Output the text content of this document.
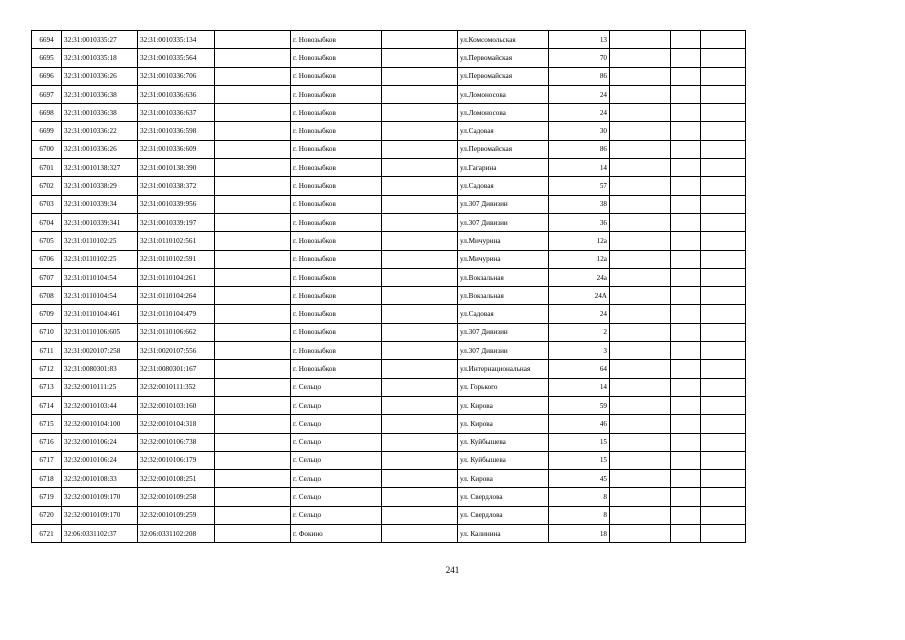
6694	32:31:0010335:27	32:31:0010335:134		г. Новозыбков		ул.Комсомольская	13			
6695	32:31:0010335:18	32:31:0010335:564		г. Новозыбков		ул.Первомайская	70			
6696	32:31:0010336:26	32:31:0010336:706		г. Новозыбков		ул.Первомайская	86			
6697	32:31:0010336:38	32:31:0010336:636		г. Новозыбков		ул.Ломоносова	24			
6698	32:31:0010336:38	32:31:0010336:637		г. Новозыбков		ул.Ломоносова	24			
6699	32:31:0010336:22	32:31:0010336:598		г. Новозыбков		ул.Садовая	30			
6700	32:31:0010336:26	32:31:0010336:609		г. Новозыбков		ул.Первомайская	86			
6701	32:31:0010138:327	32:31:0010138:390		г. Новозыбков		ул.Гагарина	14			
6702	32:31:0010338:29	32:31:0010338:372		г. Новозыбков		ул.Садовая	57			
6703	32:31:0010339:34	32:31:0010339:956		г. Новозыбков		ул.307 Дивизии	38			
6704	32:31:0010339:341	32:31:0010339:197		г. Новозыбков		ул.307 Дивизии	36			
6705	32:31:0110102:25	32:31:0110102:561		г. Новозыбков		ул.Мичурина	12а			
6706	32:31:0110102:25	32:31:0110102:591		г. Новозыбков		ул.Мичурина	12а			
6707	32:31:0110104:54	32:31:0110104:261		г. Новозыбков		ул.Вокзальная	24а			
6708	32:31:0110104:54	32:31:0110104:264		г. Новозыбков		ул.Вокзальная	24А			
6709	32:31:0110104:461	32:31:0110104:479		г. Новозыбков		ул.Садовая	24			
6710	32:31:0110106:605	32:31:0110106:662		г. Новозыбков		ул.307 Дивизии	2			
6711	32:31:0020107:258	32:31:0020107:556		г. Новозыбков		ул.307 Дивизии	3			
6712	32:31:0080301:83	32:31:0080301:167		г. Новозыбков		ул.Интернациональная	64			
6713	32:32:0010111:25	32:32:0010111:352		г. Сельцо		ул. Горького	14			
6714	32:32:0010103:44	32:32:0010103:160		г. Сельцо		ул. Кирова	59			
6715	32:32:0010104:100	32:32:0010104:318		г. Сельцо		ул. Кирова	46			
6716	32:32:0010106:24	32:32:0010106:738		г. Сельцо		ул. Куйбышева	15			
6717	32:32:0010106:24	32:32:0010106:179		г. Сельцо		ул. Куйбышева	15			
6718	32:32:0010108:33	32:32:0010108:251		г. Сельцо		ул. Кирова	45			
6719	32:32:0010109:170	32:32:0010109:258		г. Сельцо		ул. Свердлова	8			
6720	32:32:0010109:170	32:32:0010109:259		г. Сельцо		ул. Свердлова	8			
6721	32:06:0331102:37	32:06:0331102:208		г. Фокино		ул. Калинина	18			
241
